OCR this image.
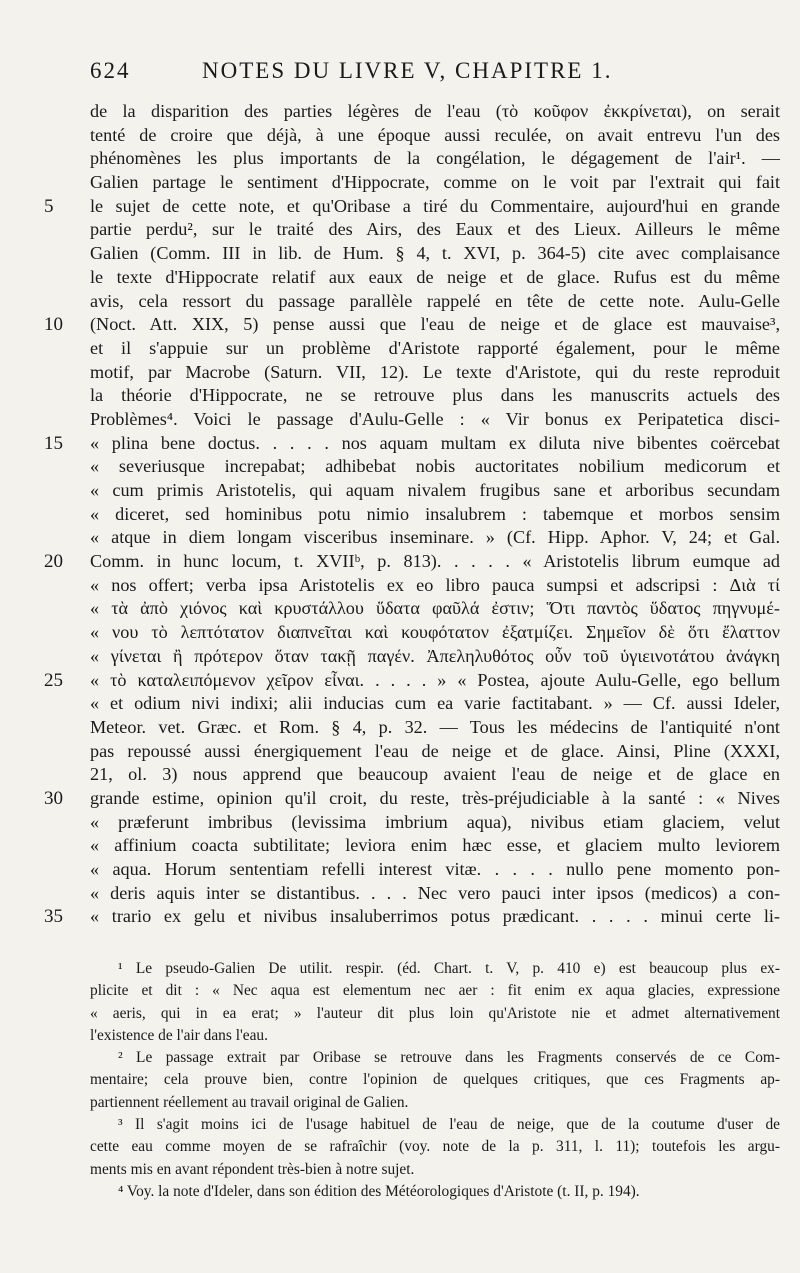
624	NOTES DU LIVRE V, CHAPITRE 1.
de la disparition des parties légères de l'eau (τὸ κοῦφον ἐκκρίνεται), on serait
tenté de croire que déjà, à une époque aussi reculée, on avait entrevu l'un des
phénomènes les plus importants de la congélation, le dégagement de l'air¹. —
Galien partage le sentiment d'Hippocrate, comme on le voit par l'extrait qui fait
5	le sujet de cette note, et qu'Oribase a tiré du Commentaire, aujourd'hui en grande
partie perdu², sur le traité des Airs, des Eaux et des Lieux. Ailleurs le même
Galien (Comm. III in lib. de Hum. § 4, t. XVI, p. 364-5) cite avec complaisance
le texte d'Hippocrate relatif aux eaux de neige et de glace. Rufus est du même
avis, cela ressort du passage parallèle rappelé en tête de cette note. Aulu-Gelle
10	(Noct. Att. XIX, 5) pense aussi que l'eau de neige et de glace est mauvaise³,
et il s'appuie sur un problème d'Aristote rapporté également, pour le même
motif, par Macrobe (Saturn. VII, 12). Le texte d'Aristote, qui du reste reproduit
la théorie d'Hippocrate, ne se retrouve plus dans les manuscrits actuels des
Problèmes⁴. Voici le passage d'Aulu-Gelle : « Vir bonus ex Peripatetica disci-
15	« plina bene doctus. . . . . nos aquam multam ex diluta nive bibentes coërcebat
« severiusque increpabat; adhibebat nobis auctoritates nobilium medicorum et
« cum primis Aristotelis, qui aquam nivalem frugibus sane et arboribus secundam
« diceret, sed hominibus potu nimio insalubrem : tabemque et morbos sensim
« atque in diem longam visceribus inseminare. » (Cf. Hipp. Aphor. V, 24; et Gal.
20	Comm. in hunc locum, t. XVIIᵇ, p. 813). . . . . « Aristotelis librum eumque ad
« nos offert; verba ipsa Aristotelis ex eo libro pauca sumpsi et adscripsi : Διὰ τί
« τὰ ἀπὸ χιόνος καὶ κρυστάλλου ὕδατα φαῦλά ἐστιν; Ὅτι παντὸς ὕδατος πηγνυμέ-
« νου τὸ λεπτότατον διαπνεῖται καὶ κουφότατον ἐξατμίζει. Σημεῖον δὲ ὅτι ἔλαττον
« γίνεται ἢ πρότερον ὅταν τακῇ παγέν. Ἀπεληλυθότος οὖν τοῦ ὑγιεινοτάτου ἀνάγκη
25	« τὸ καταλειπόμενον χεῖρον εἶναι. . . . . » « Postea, ajoute Aulu-Gelle, ego bellum
« et odium nivi indixi; alii inducias cum ea varie factitabant. » — Cf. aussi Ideler,
Meteor. vet. Græc. et Rom. § 4, p. 32. — Tous les médecins de l'antiquité n'ont
pas repoussé aussi énergiquement l'eau de neige et de glace. Ainsi, Pline (XXXI,
21, ol. 3) nous apprend que beaucoup avaient l'eau de neige et de glace en
30	grande estime, opinion qu'il croit, du reste, très-préjudiciable à la santé : « Nives
« præferunt imbribus (levissima imbrium aqua), nivibus etiam glaciem, velut
« affinium coacta subtilitate; leviora enim hæc esse, et glaciem multo leviorem
« aqua. Horum sententiam refelli interest vitæ. . . . . nullo pene momento pon-
« deris aquis inter se distantibus. . . . Nec vero pauci inter ipsos (medicos) a con-
35	« trario ex gelu et nivibus insaluberrimos potus prædicant. . . . . minui certe li-
¹ Le pseudo-Galien De utilit. respir. (éd. Chart. t. V, p. 410 e) est beaucoup plus ex-
plicite et dit : « Nec aqua est elementum nec aer : fit enim ex aqua glacies, expressione
« aeris, qui in ea erat; » l'auteur dit plus loin qu'Aristote nie et admet alternativement
l'existence de l'air dans l'eau.
² Le passage extrait par Oribase se retrouve dans les Fragments conservés de ce Com-
mentaire; cela prouve bien, contre l'opinion de quelques critiques, que ces Fragments ap-
partiennent réellement au travail original de Galien.
³ Il s'agit moins ici de l'usage habituel de l'eau de neige, que de la coutume d'user de
cette eau comme moyen de se rafraîchir (voy. note de la p. 311, l. 11); toutefois les argu-
ments mis en avant répondent très-bien à notre sujet.
⁴ Voy. la note d'Ideler, dans son édition des Météorologiques d'Aristote (t. II, p. 194).
